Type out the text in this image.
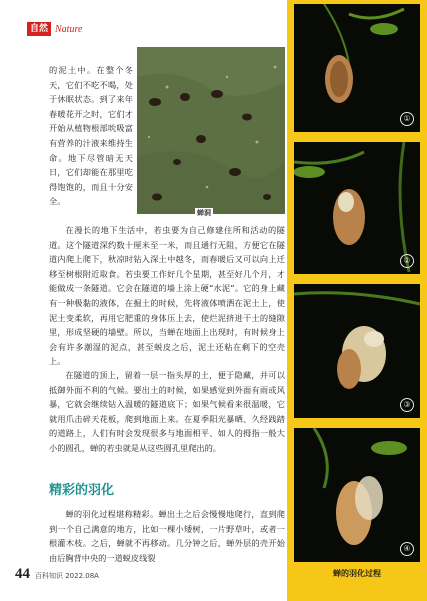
自然 Nature
蝉洞

的泥土中。在整个冬天，它们不吃不喝，处于休眠状态。到了来年春暖花开之时，它们才开始从植物根部吮吸富有营养的汁液来维持生命。地下尽管暗无天日，它们却能在那里吃得饱饱的，而且十分安全。

在漫长的地下生活中，若虫要为自己修建住所和活动的隧道。这个隧道深约数十厘米至一米，而且通行无阻，方便它在隧道内爬上爬下，秋凉时钻入深土中越冬，而春暖后又可以向上迁移至树根附近取食。若虫要工作好几个星期，甚至好几个月，才能做成一条隧道。它会在隧道的墙上涂上硬“水泥”。它的身上藏有一种极黏的液体，在掘土的时候，先将液体喷洒在泥土上，使泥土变柔软，再用它肥重的身体压上去，使烂泥挤进干土的缝隙里，形成坚硬的墙壁。所以，当蝉在地面上出现时，有时候身上会有许多潮湿的泥点，甚至蜕皮之后，泥土还粘在剩下的空壳上。

在隧道的顶上，留着一层一指头厚的土，便于隐藏，并可以抵御外面不利的气候。要出土的时候，如果感觉到外面有雨或风暴，它就会继续钻入温暖的隧道底下；如果气候看来很温暖，它就用爪击碎天花板，爬到地面上来。在夏季阳光暴晒、久经践踏的道路上，人们有时会发现很多与地面相平、如人的拇指一般大小的圆孔，蝉的若虫就是从这些圆孔里爬出的。

精彩的羽化

蝉的羽化过程堪称精彩。蝉出土之后会慢慢地爬行，直到爬到一个自己满意的地方，比如一棵小矮树，一片野草叶，或者一根灌木枝。之后，蝉就不再移动。几分钟之后，蝉外层的壳开始由后胸背中央的一道蜕皮线裂

①
②
③
④
蝉的羽化过程
44 百科知识 2022.08A
